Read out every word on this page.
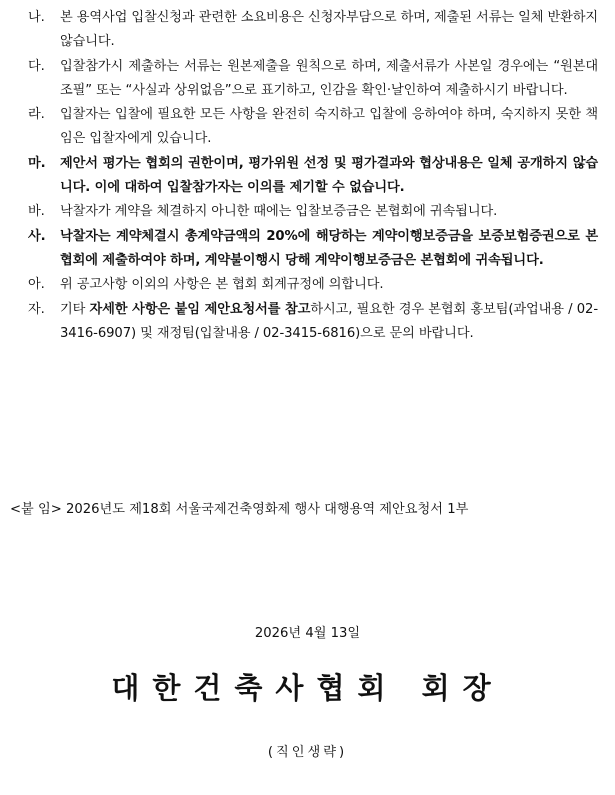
나. 본 용역사업 입찰신청과 관련한 소요비용은 신청자부담으로 하며, 제출된 서류는 일체 반환하지 않습니다.
다. 입찰참가시 제출하는 서류는 원본제출을 원칙으로 하며, 제출서류가 사본일 경우에는 “원본대조필” 또는 “사실과 상위없음”으로 표기하고, 인감을 확인·날인하여 제출하시기 바랍니다.
라. 입찰자는 입찰에 필요한 모든 사항을 완전히 숙지하고 입찰에 응하여야 하며, 숙지하지 못한 책임은 입찰자에게 있습니다.
마. 제안서 평가는 협회의 권한이며, 평가위원 선정 및 평가결과와 협상내용은 일체 공개하지 않습니다. 이에 대하여 입찰참가자는 이의를 제기할 수 없습니다.
바. 낙찰자가 계약을 체결하지 아니한 때에는 입찰보증금은 본협회에 귀속됩니다.
사. 낙찰자는 계약체결시 총계약금액의 20%에 해당하는 계약이행보증금을 보증보험증권으로 본협회에 제출하여야 하며, 계약불이행시 당해 계약이행보증금은 본협회에 귀속됩니다.
아. 위 공고사항 이외의 사항은 본 협회 회계규정에 의합니다.
자. 기타 자세한 사항은 붙임 제안요청서를 참고하시고, 필요한 경우 본협회 홍보팀(과업내용 / 02-3416-6907) 및 재정팀(입찰내용 / 02-3415-6816)으로 문의 바랍니다.
<붙 임> 2026년도 제18회 서울국제건축영화제 행사 대행용역 제안요청서 1부
2026년 4월 13일
대한건축사협회 회장
(직인생략)
